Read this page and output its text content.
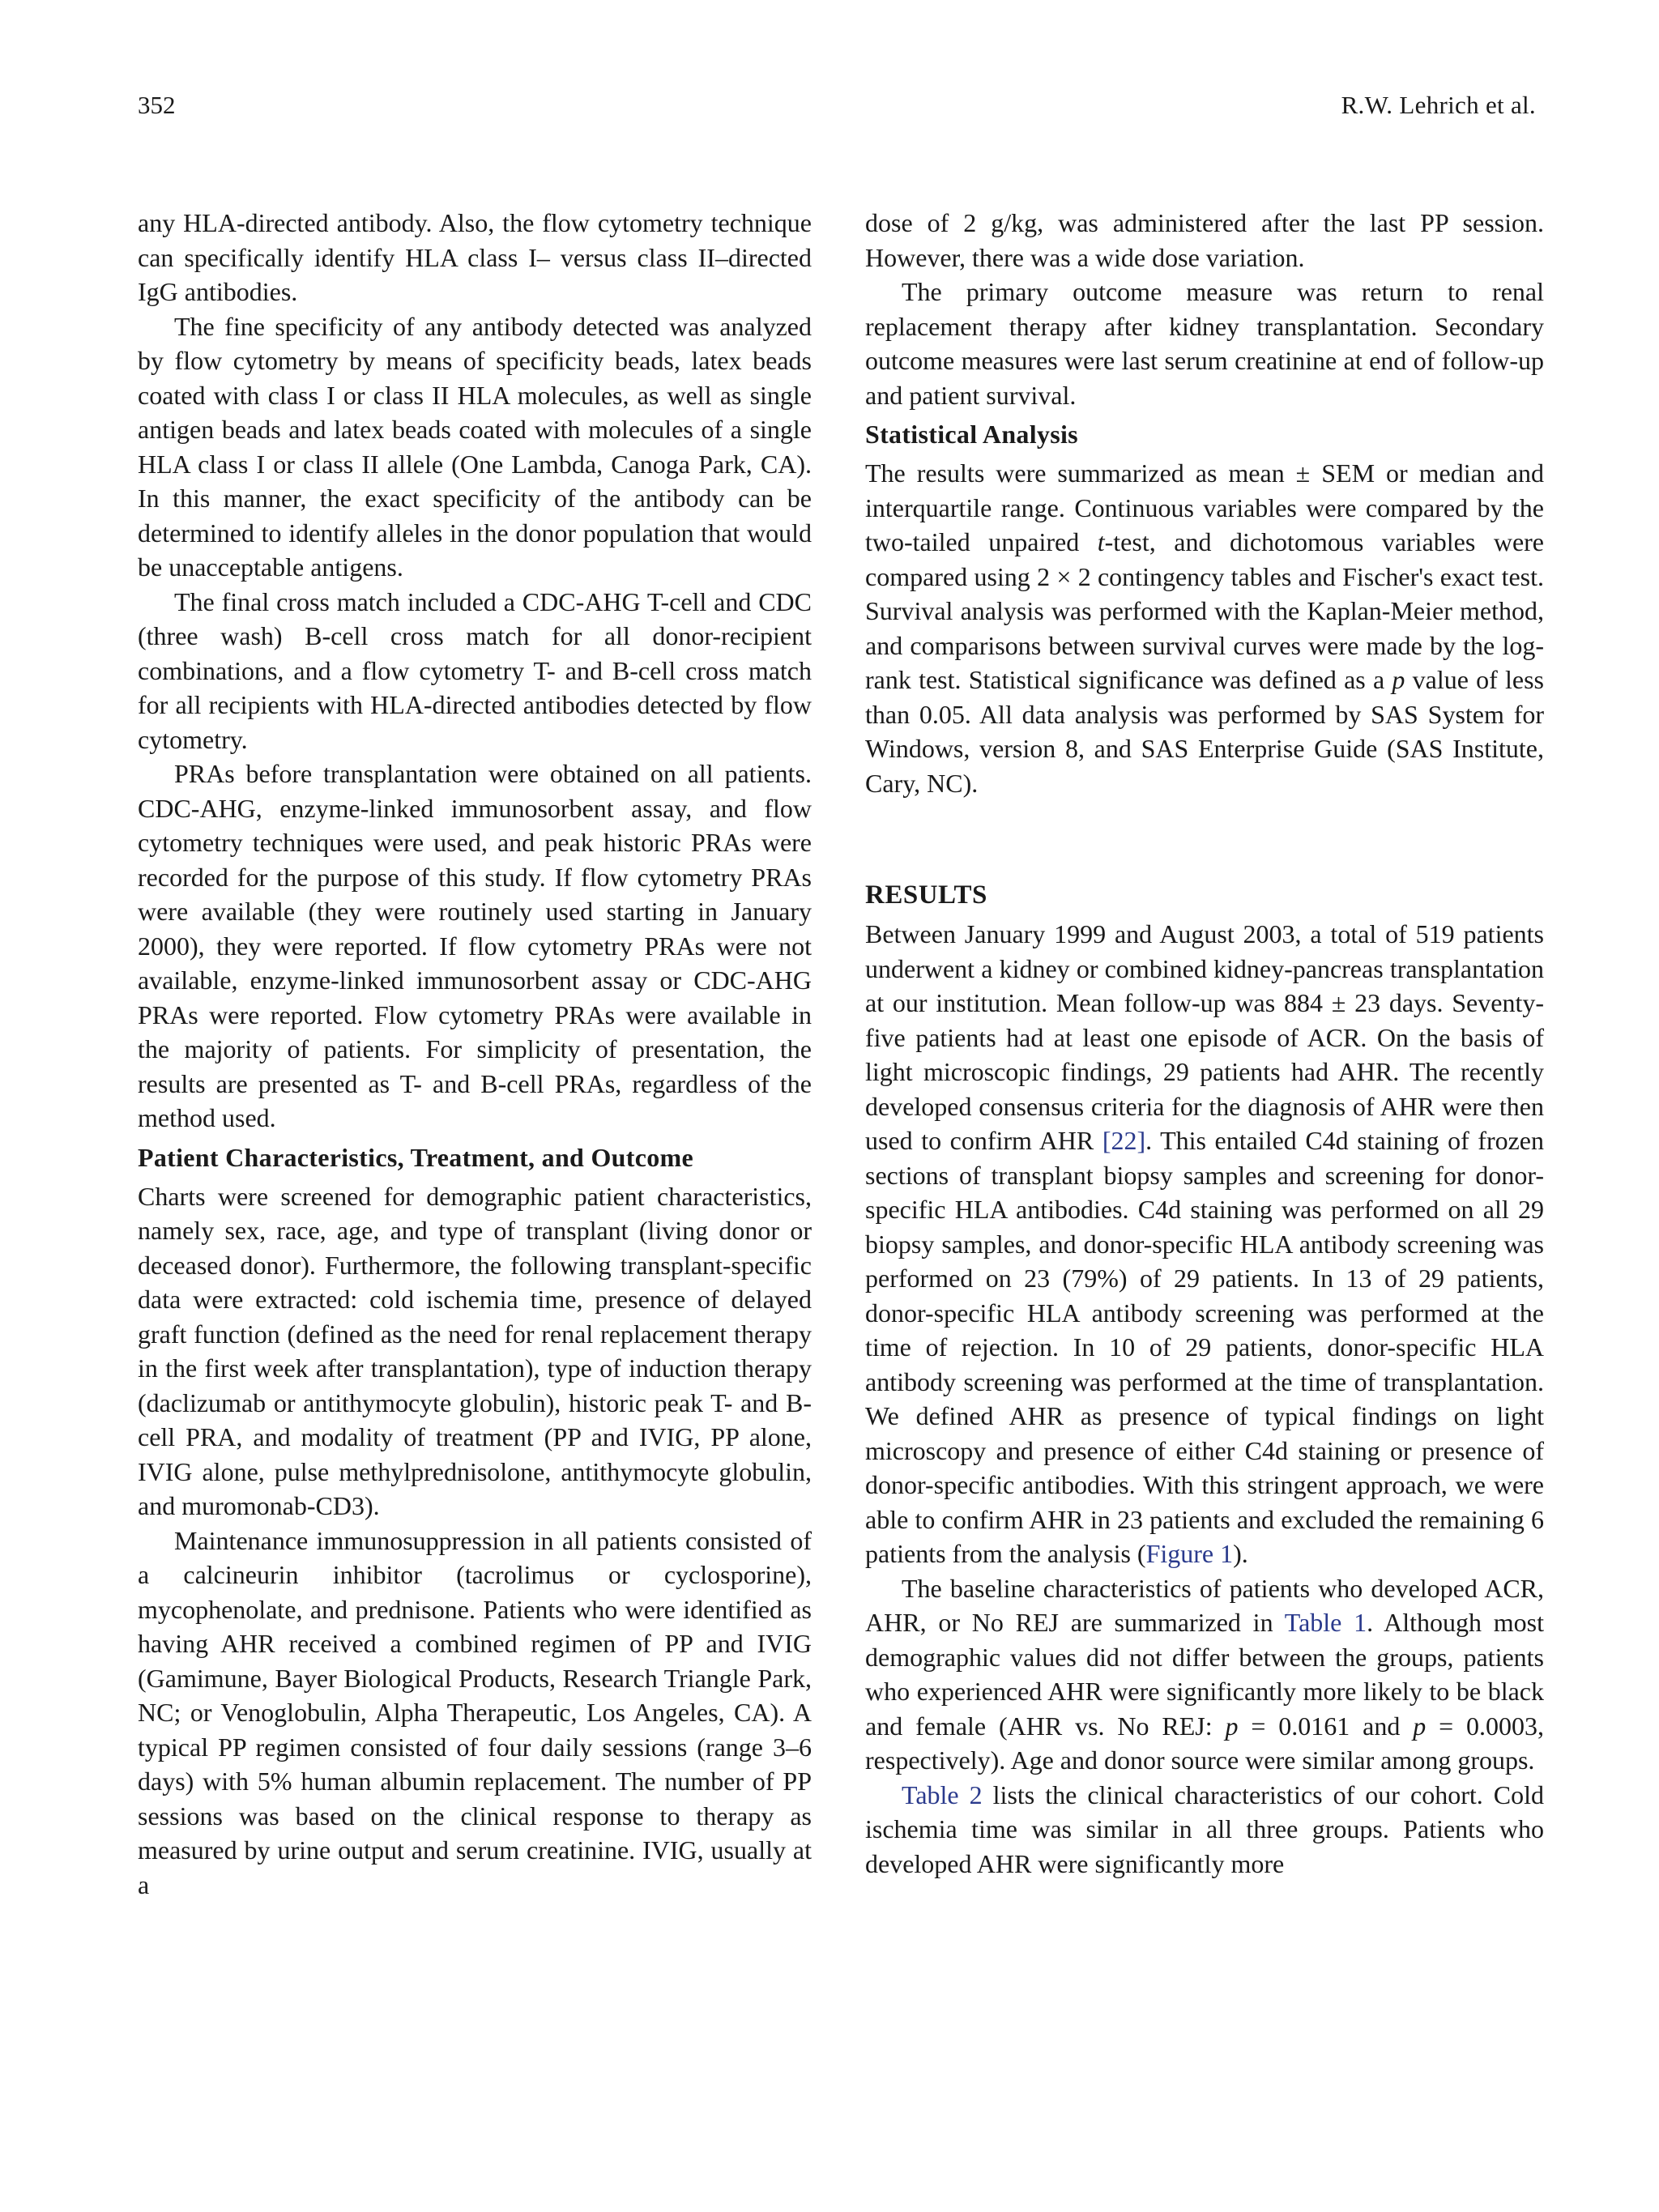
352	R.W. Lehrich et al.

any HLA-directed antibody. Also, the flow cytometry technique can specifically identify HLA class I– versus class II–directed IgG antibodies.

The fine specificity of any antibody detected was analyzed by flow cytometry by means of specificity beads, latex beads coated with class I or class II HLA molecules, as well as single antigen beads and latex beads coated with molecules of a single HLA class I or class II allele (One Lambda, Canoga Park, CA). In this manner, the exact specificity of the antibody can be determined to identify alleles in the donor population that would be unacceptable antigens.

The final cross match included a CDC-AHG T-cell and CDC (three wash) B-cell cross match for all donor-recipient combinations, and a flow cytometry T- and B-cell cross match for all recipients with HLA-directed antibodies detected by flow cytometry.

PRAs before transplantation were obtained on all patients. CDC-AHG, enzyme-linked immunosorbent assay, and flow cytometry techniques were used, and peak historic PRAs were recorded for the purpose of this study. If flow cytometry PRAs were available (they were routinely used starting in January 2000), they were reported. If flow cytometry PRAs were not available, enzyme-linked immunosorbent assay or CDC-AHG PRAs were reported. Flow cytometry PRAs were available in the majority of patients. For simplicity of presentation, the results are presented as T- and B-cell PRAs, regardless of the method used.

Patient Characteristics, Treatment, and Outcome

Charts were screened for demographic patient characteristics, namely sex, race, age, and type of transplant (living donor or deceased donor). Furthermore, the following transplant-specific data were extracted: cold ischemia time, presence of delayed graft function (defined as the need for renal replacement therapy in the first week after transplantation), type of induction therapy (daclizumab or antithymocyte globulin), historic peak T- and B-cell PRA, and modality of treatment (PP and IVIG, PP alone, IVIG alone, pulse methylprednisolone, antithymocyte globulin, and muromonab-CD3).

Maintenance immunosuppression in all patients consisted of a calcineurin inhibitor (tacrolimus or cyclosporine), mycophenolate, and prednisone. Patients who were identified as having AHR received a combined regimen of PP and IVIG (Gamimune, Bayer Biological Products, Research Triangle Park, NC; or Venoglobulin, Alpha Therapeutic, Los Angeles, CA). A typical PP regimen consisted of four daily sessions (range 3–6 days) with 5% human albumin replacement. The number of PP sessions was based on the clinical response to therapy as measured by urine output and serum creatinine. IVIG, usually at a

dose of 2 g/kg, was administered after the last PP session. However, there was a wide dose variation.

The primary outcome measure was return to renal replacement therapy after kidney transplantation. Secondary outcome measures were last serum creatinine at end of follow-up and patient survival.

Statistical Analysis

The results were summarized as mean ± SEM or median and interquartile range. Continuous variables were compared by the two-tailed unpaired t-test, and dichotomous variables were compared using 2 × 2 contingency tables and Fischer's exact test. Survival analysis was performed with the Kaplan-Meier method, and comparisons between survival curves were made by the log-rank test. Statistical significance was defined as a p value of less than 0.05. All data analysis was performed by SAS System for Windows, version 8, and SAS Enterprise Guide (SAS Institute, Cary, NC).

RESULTS

Between January 1999 and August 2003, a total of 519 patients underwent a kidney or combined kidney-pancreas transplantation at our institution. Mean follow-up was 884 ± 23 days. Seventy-five patients had at least one episode of ACR. On the basis of light microscopic findings, 29 patients had AHR. The recently developed consensus criteria for the diagnosis of AHR were then used to confirm AHR [22]. This entailed C4d staining of frozen sections of transplant biopsy samples and screening for donor-specific HLA antibodies. C4d staining was performed on all 29 biopsy samples, and donor-specific HLA antibody screening was performed on 23 (79%) of 29 patients. In 13 of 29 patients, donor-specific HLA antibody screening was performed at the time of rejection. In 10 of 29 patients, donor-specific HLA antibody screening was performed at the time of transplantation. We defined AHR as presence of typical findings on light microscopy and presence of either C4d staining or presence of donor-specific antibodies. With this stringent approach, we were able to confirm AHR in 23 patients and excluded the remaining 6 patients from the analysis (Figure 1).

The baseline characteristics of patients who developed ACR, AHR, or No REJ are summarized in Table 1. Although most demographic values did not differ between the groups, patients who experienced AHR were significantly more likely to be black and female (AHR vs. No REJ: p = 0.0161 and p = 0.0003, respectively). Age and donor source were similar among groups.

Table 2 lists the clinical characteristics of our cohort. Cold ischemia time was similar in all three groups. Patients who developed AHR were significantly more
